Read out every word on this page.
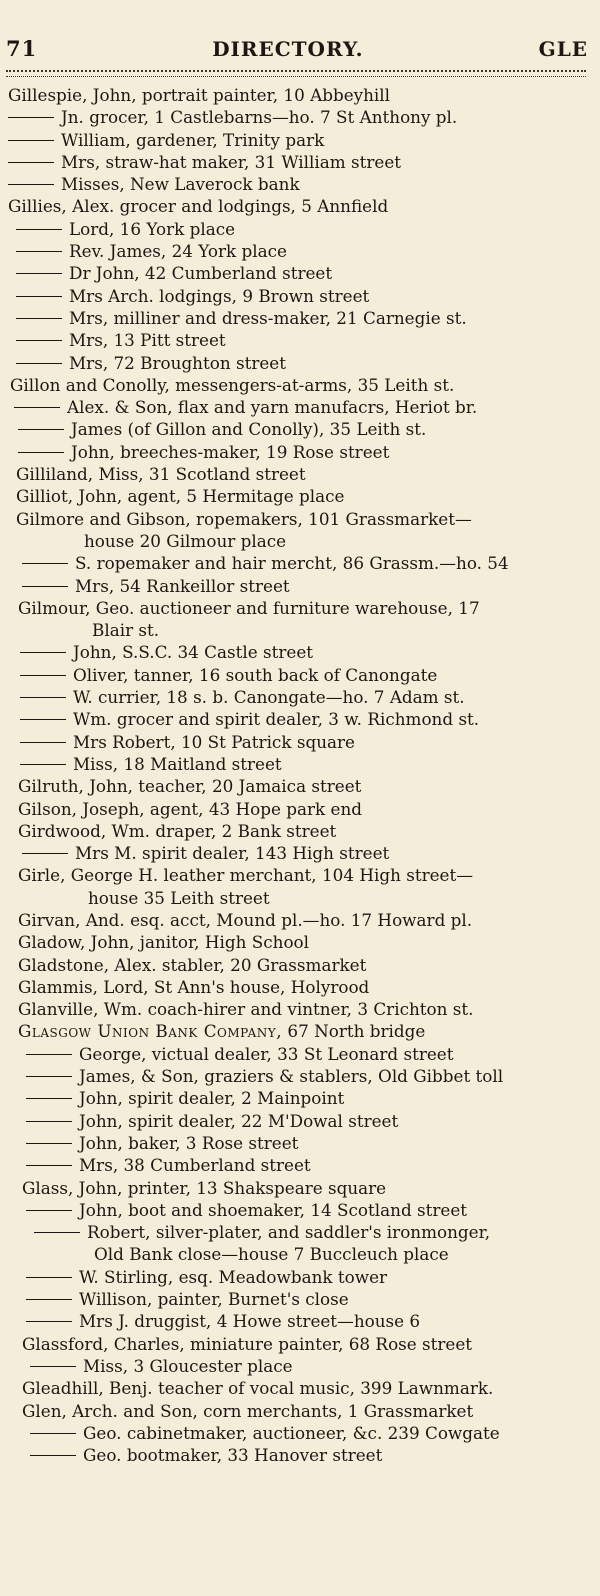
71	DIRECTORY.	GLE
Gillespie, John, portrait painter, 10 Abbeyhill
Jn. grocer, 1 Castlebarns—ho. 7 St Anthony pl.
William, gardener, Trinity park
Mrs, straw-hat maker, 31 William street
Misses, New Laverock bank
Gillies, Alex. grocer and lodgings, 5 Annfield
Lord, 16 York place
Rev. James, 24 York place
Dr John, 42 Cumberland street
Mrs Arch. lodgings, 9 Brown street
Mrs, milliner and dress-maker, 21 Carnegie st.
Mrs, 13 Pitt street
Mrs, 72 Broughton street
Gillon and Conolly, messengers-at-arms, 35 Leith st.
Alex. & Son, flax and yarn manufacrs, Heriot br.
James (of Gillon and Conolly), 35 Leith st.
John, breeches-maker, 19 Rose street
Gilliland, Miss, 31 Scotland street
Gilliot, John, agent, 5 Hermitage place
Gilmore and Gibson, ropemakers, 101 Grassmarket—
house 20 Gilmour place
S. ropemaker and hair mercht, 86 Grassm.—ho. 54
Mrs, 54 Rankeillor street
Gilmour, Geo. auctioneer and furniture warehouse, 17
Blair st.
John, S.S.C. 34 Castle street
Oliver, tanner, 16 south back of Canongate
W. currier, 18 s. b. Canongate—ho. 7 Adam st.
Wm. grocer and spirit dealer, 3 w. Richmond st.
Mrs Robert, 10 St Patrick square
Miss, 18 Maitland street
Gilruth, John, teacher, 20 Jamaica street
Gilson, Joseph, agent, 43 Hope park end
Girdwood, Wm. draper, 2 Bank street
Mrs M. spirit dealer, 143 High street
Girle, George H. leather merchant, 104 High street—
house 35 Leith street
Girvan, And. esq. acct, Mound pl.—ho. 17 Howard pl.
Gladow, John, janitor, High School
Gladstone, Alex. stabler, 20 Grassmarket
Glammis, Lord, St Ann's house, Holyrood
Glanville, Wm. coach-hirer and vintner, 3 Crichton st.
Glasgow Union Bank Company, 67 North bridge
George, victual dealer, 33 St Leonard street
James, & Son, graziers & stablers, Old Gibbet toll
John, spirit dealer, 2 Mainpoint
John, spirit dealer, 22 M'Dowal street
John, baker, 3 Rose street
Mrs, 38 Cumberland street
Glass, John, printer, 13 Shakspeare square
John, boot and shoemaker, 14 Scotland street
Robert, silver-plater, and saddler's ironmonger,
Old Bank close—house 7 Buccleuch place
W. Stirling, esq. Meadowbank tower
Willison, painter, Burnet's close
Mrs J. druggist, 4 Howe street—house 6
Glassford, Charles, miniature painter, 68 Rose street
Miss, 3 Gloucester place
Gleadhill, Benj. teacher of vocal music, 399 Lawnmark.
Glen, Arch. and Son, corn merchants, 1 Grassmarket
Geo. cabinetmaker, auctioneer, &c. 239 Cowgate
Geo. bootmaker, 33 Hanover street
